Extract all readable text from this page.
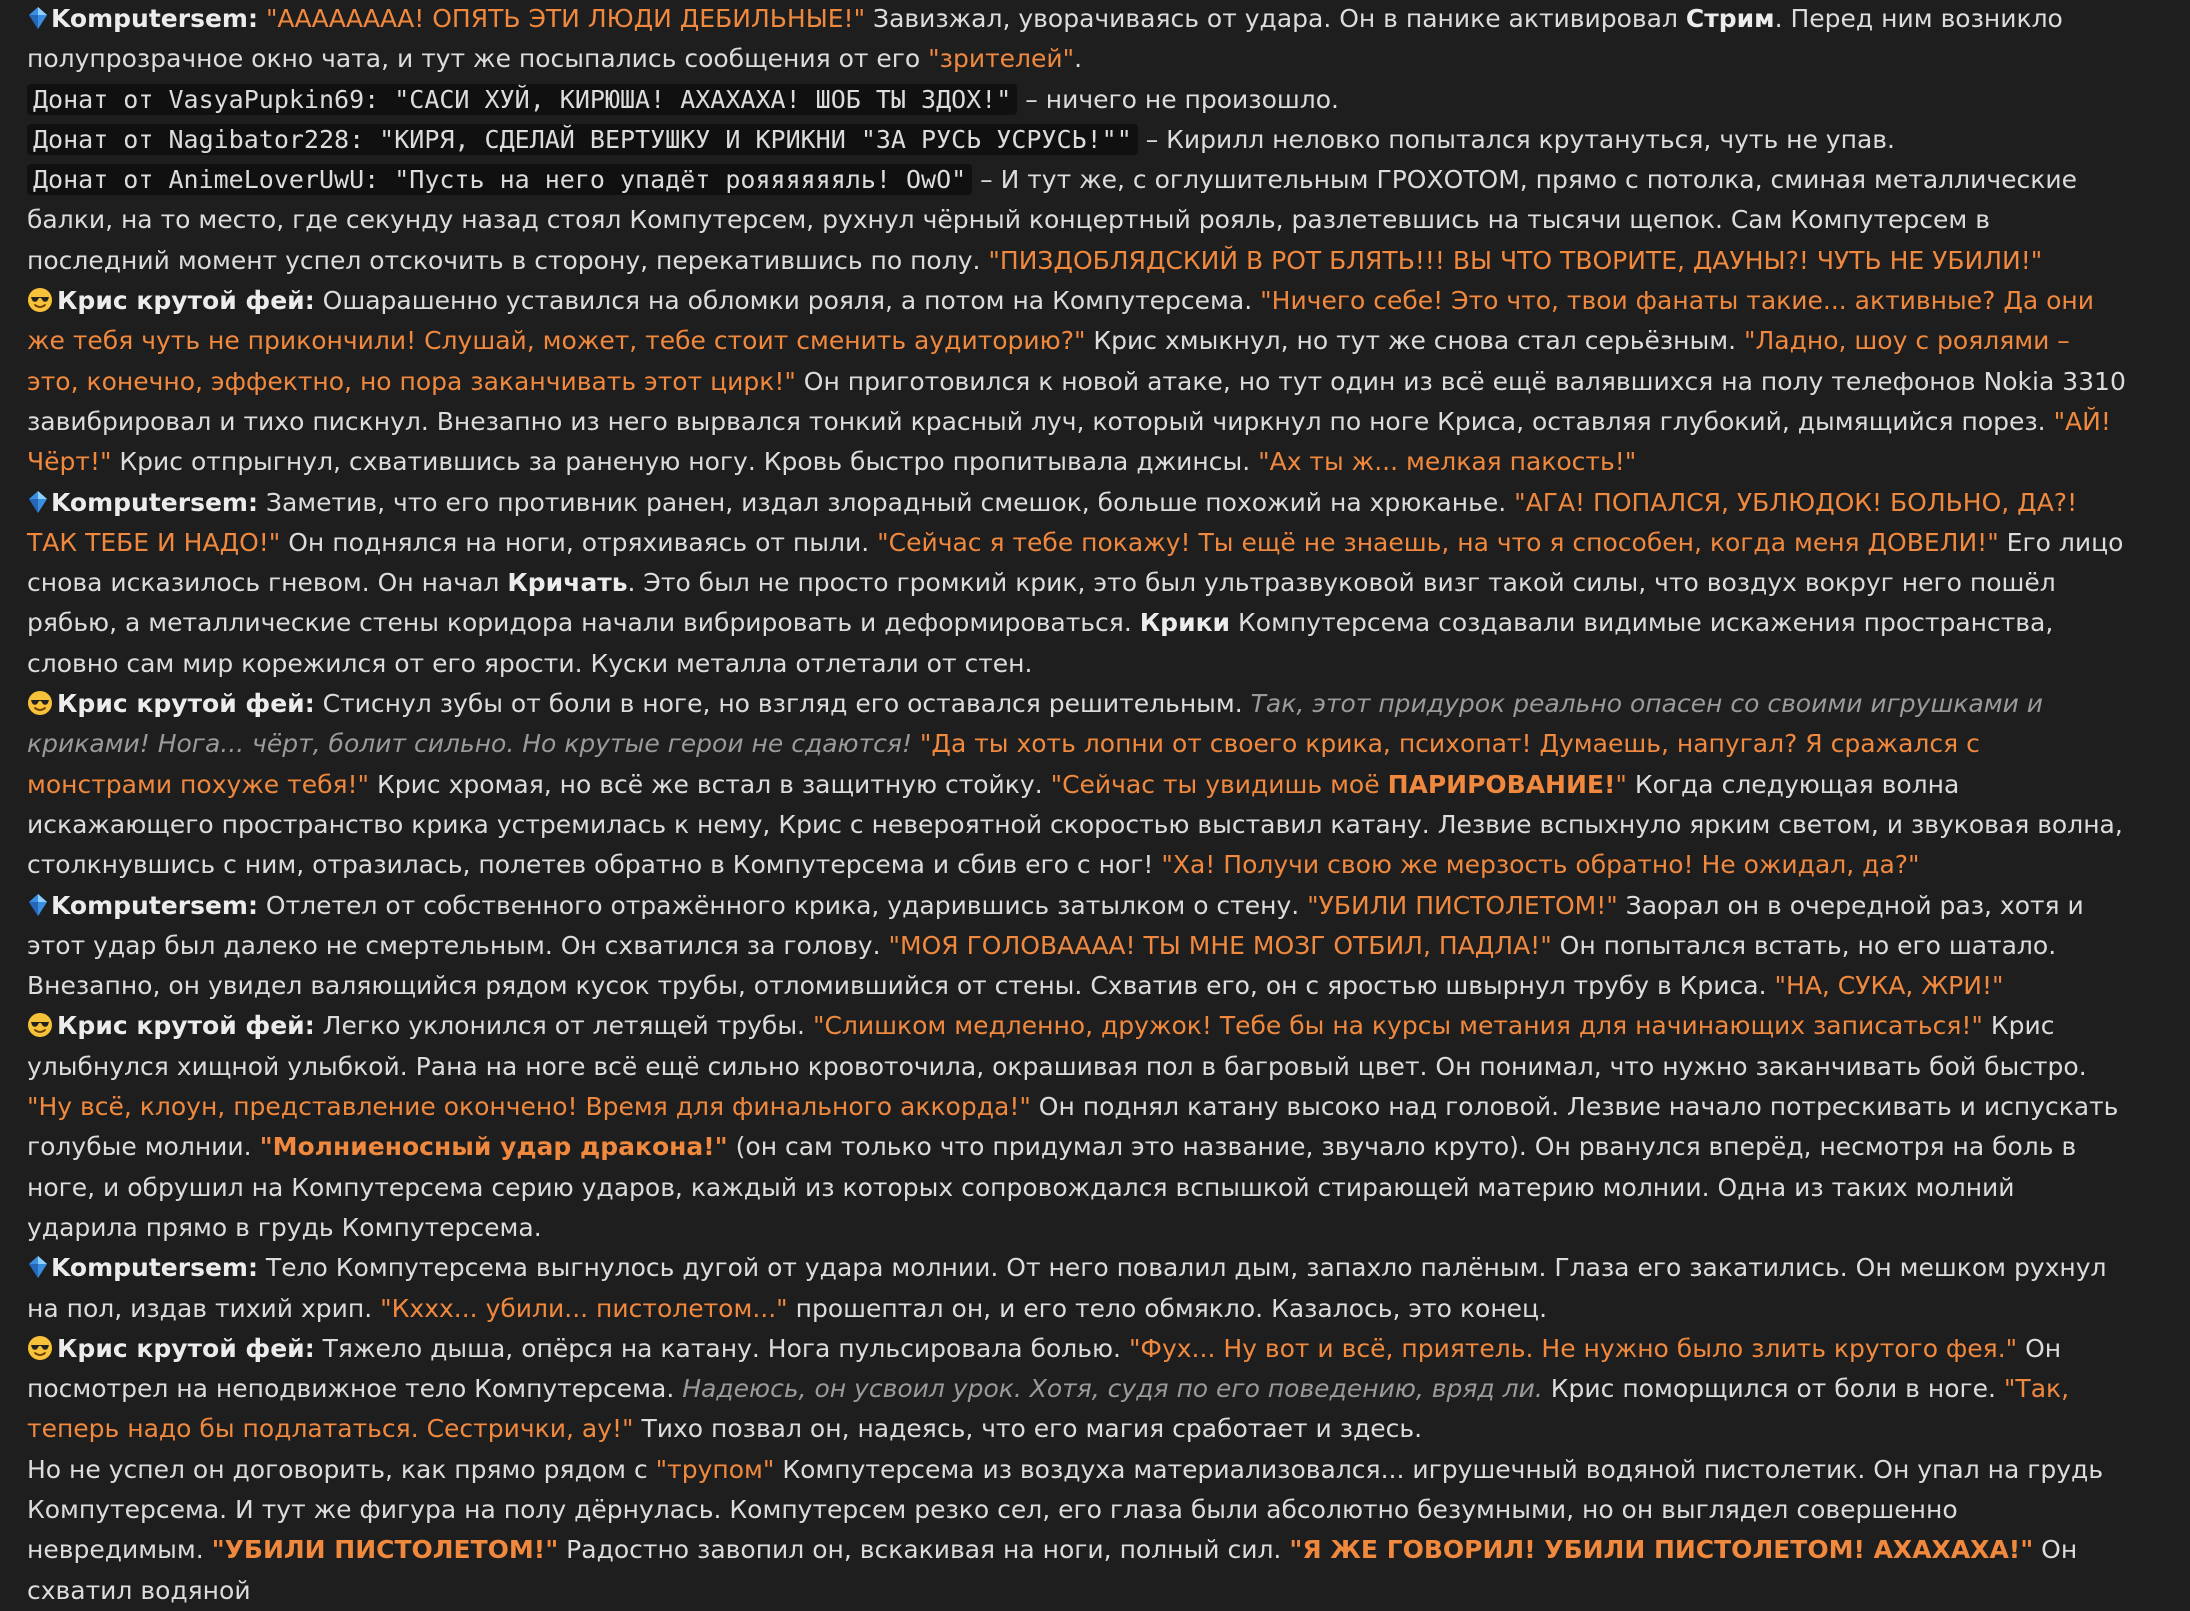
Komputersem: "АААААААА! ОПЯТЬ ЭТИ ЛЮДИ ДЕБИЛЬНЫЕ!" Завизжал, уворачиваясь от удара. Он в панике активировал Стрим. Перед ним возникло полупрозрачное окно чата, и тут же посыпались сообщения от его "зрителей".

Донат от VasyaPupkin69: "САСИ ХУЙ, КИРЮША! АХАХАХА! ШОБ ТЫ ЗДОХ!" – ничего не произошло.

Донат от Nagibator228: "КИРЯ, СДЕЛАЙ ВЕРТУШКУ И КРИКНИ "ЗА РУСЬ УСРУСЬ!"" – Кирилл неловко попытался крутануться, чуть не упав.

Донат от AnimeLoverUwU: "Пусть на него упадёт рояяяяяяль! OwO" – И тут же, с оглушительным ГРОХОТОМ, прямо с потолка, сминая металлические балки, на то место, где секунду назад стоял Компутерсем, рухнул чёрный концертный рояль, разлетевшись на тысячи щепок. Сам Компутерсем в последний момент успел отскочить в сторону, перекатившись по полу. "ПИЗДОБЛЯДСКИЙ В РОТ БЛЯТЬ!!! ВЫ ЧТО ТВОРИТЕ, ДАУНЫ?! ЧУТЬ НЕ УБИЛИ!"

Крис крутой фей: Ошарашенно уставился на обломки рояля, а потом на Компутерсема. "Ничего себе! Это что, твои фанаты такие... активные? Да они же тебя чуть не прикончили! Слушай, может, тебе стоит сменить аудиторию?" Крис хмыкнул, но тут же снова стал серьёзным. "Ладно, шоу с роялями – это, конечно, эффектно, но пора заканчивать этот цирк!" Он приготовился к новой атаке, но тут один из всё ещё валявшихся на полу телефонов Nokia 3310 завибрировал и тихо пискнул. Внезапно из него вырвался тонкий красный луч, который чиркнул по ноге Криса, оставляя глубокий, дымящийся порез. "АЙ! Чёрт!" Крис отпрыгнул, схватившись за раненую ногу. Кровь быстро пропитывала джинсы. "Ах ты ж... мелкая пакость!"

Komputersem: Заметив, что его противник ранен, издал злорадный смешок, больше похожий на хрюканье. "АГА! ПОПАЛСЯ, УБЛЮДОК! БОЛЬНО, ДА?! ТАК ТЕБЕ И НАДО!" Он поднялся на ноги, отряхиваясь от пыли. "Сейчас я тебе покажу! Ты ещё не знаешь, на что я способен, когда меня ДОВЕЛИ!" Его лицо снова исказилось гневом. Он начал Кричать. Это был не просто громкий крик, это был ультразвуковой визг такой силы, что воздух вокруг него пошёл рябью, а металлические стены коридора начали вибрировать и деформироваться. Крики Компутерсема создавали видимые искажения пространства, словно сам мир корежился от его ярости. Куски металла отлетали от стен.

Крис крутой фей: Стиснул зубы от боли в ноге, но взгляд его оставался решительным. Так, этот придурок реально опасен со своими игрушками и криками! Нога... чёрт, болит сильно. Но крутые герои не сдаются! "Да ты хоть лопни от своего крика, психопат! Думаешь, напугал? Я сражался с монстрами похуже тебя!" Крис хромая, но всё же встал в защитную стойку. "Сейчас ты увидишь моё ПАРИРОВАНИЕ!" Когда следующая волна искажающего пространство крика устремилась к нему, Крис с невероятной скоростью выставил катану. Лезвие вспыхнуло ярким светом, и звуковая волна, столкнувшись с ним, отразилась, полетев обратно в Компутерсема и сбив его с ног! "Ха! Получи свою же мерзость обратно! Не ожидал, да?"

Komputersem: Отлетел от собственного отражённого крика, ударившись затылком о стену. "УБИЛИ ПИСТОЛЕТОМ!" Заорал он в очередной раз, хотя и этот удар был далеко не смертельным. Он схватился за голову. "МОЯ ГОЛОВАААА! ТЫ МНЕ МОЗГ ОТБИЛ, ПАДЛА!" Он попытался встать, но его шатало. Внезапно, он увидел валяющийся рядом кусок трубы, отломившийся от стены. Схватив его, он с яростью швырнул трубу в Криса. "НА, СУКА, ЖРИ!"

Крис крутой фей: Легко уклонился от летящей трубы. "Слишком медленно, дружок! Тебе бы на курсы метания для начинающих записаться!" Крис улыбнулся хищной улыбкой. Рана на ноге всё ещё сильно кровоточила, окрашивая пол в багровый цвет. Он понимал, что нужно заканчивать бой быстро. "Ну всё, клоун, представление окончено! Время для финального аккорда!" Он поднял катану высоко над головой. Лезвие начало потрескивать и испускать голубые молнии. "Молниеносный удар дракона!" (он сам только что придумал это название, звучало круто). Он рванулся вперёд, несмотря на боль в ноге, и обрушил на Компутерсема серию ударов, каждый из которых сопровождался вспышкой стирающей материю молнии. Одна из таких молний ударила прямо в грудь Компутерсема.

Komputersem: Тело Компутерсема выгнулось дугой от удара молнии. От него повалил дым, запахло палёным. Глаза его закатились. Он мешком рухнул на пол, издав тихий хрип. "Кххх... убили... пистолетом..." прошептал он, и его тело обмякло. Казалось, это конец.

Крис крутой фей: Тяжело дыша, опёрся на катану. Нога пульсировала болью. "Фух... Ну вот и всё, приятель. Не нужно было злить крутого фея." Он посмотрел на неподвижное тело Компутерсема. Надеюсь, он усвоил урок. Хотя, судя по его поведению, вряд ли. Крис поморщился от боли в ноге. "Так, теперь надо бы подлататься. Сестрички, ау!" Тихо позвал он, надеясь, что его магия сработает и здесь.

Но не успел он договорить, как прямо рядом с "трупом" Компутерсема из воздуха материализовался... игрушечный водяной пистолетик. Он упал на грудь Компутерсема. И тут же фигура на полу дёрнулась. Компутерсем резко сел, его глаза были абсолютно безумными, но он выглядел совершенно невредимым. "УБИЛИ ПИСТОЛЕТОМ!" Радостно завопил он, вскакивая на ноги, полный сил. "Я ЖЕ ГОВОРИЛ! УБИЛИ ПИСТОЛЕТОМ! АХАХАХА!" Он схватил водяной
